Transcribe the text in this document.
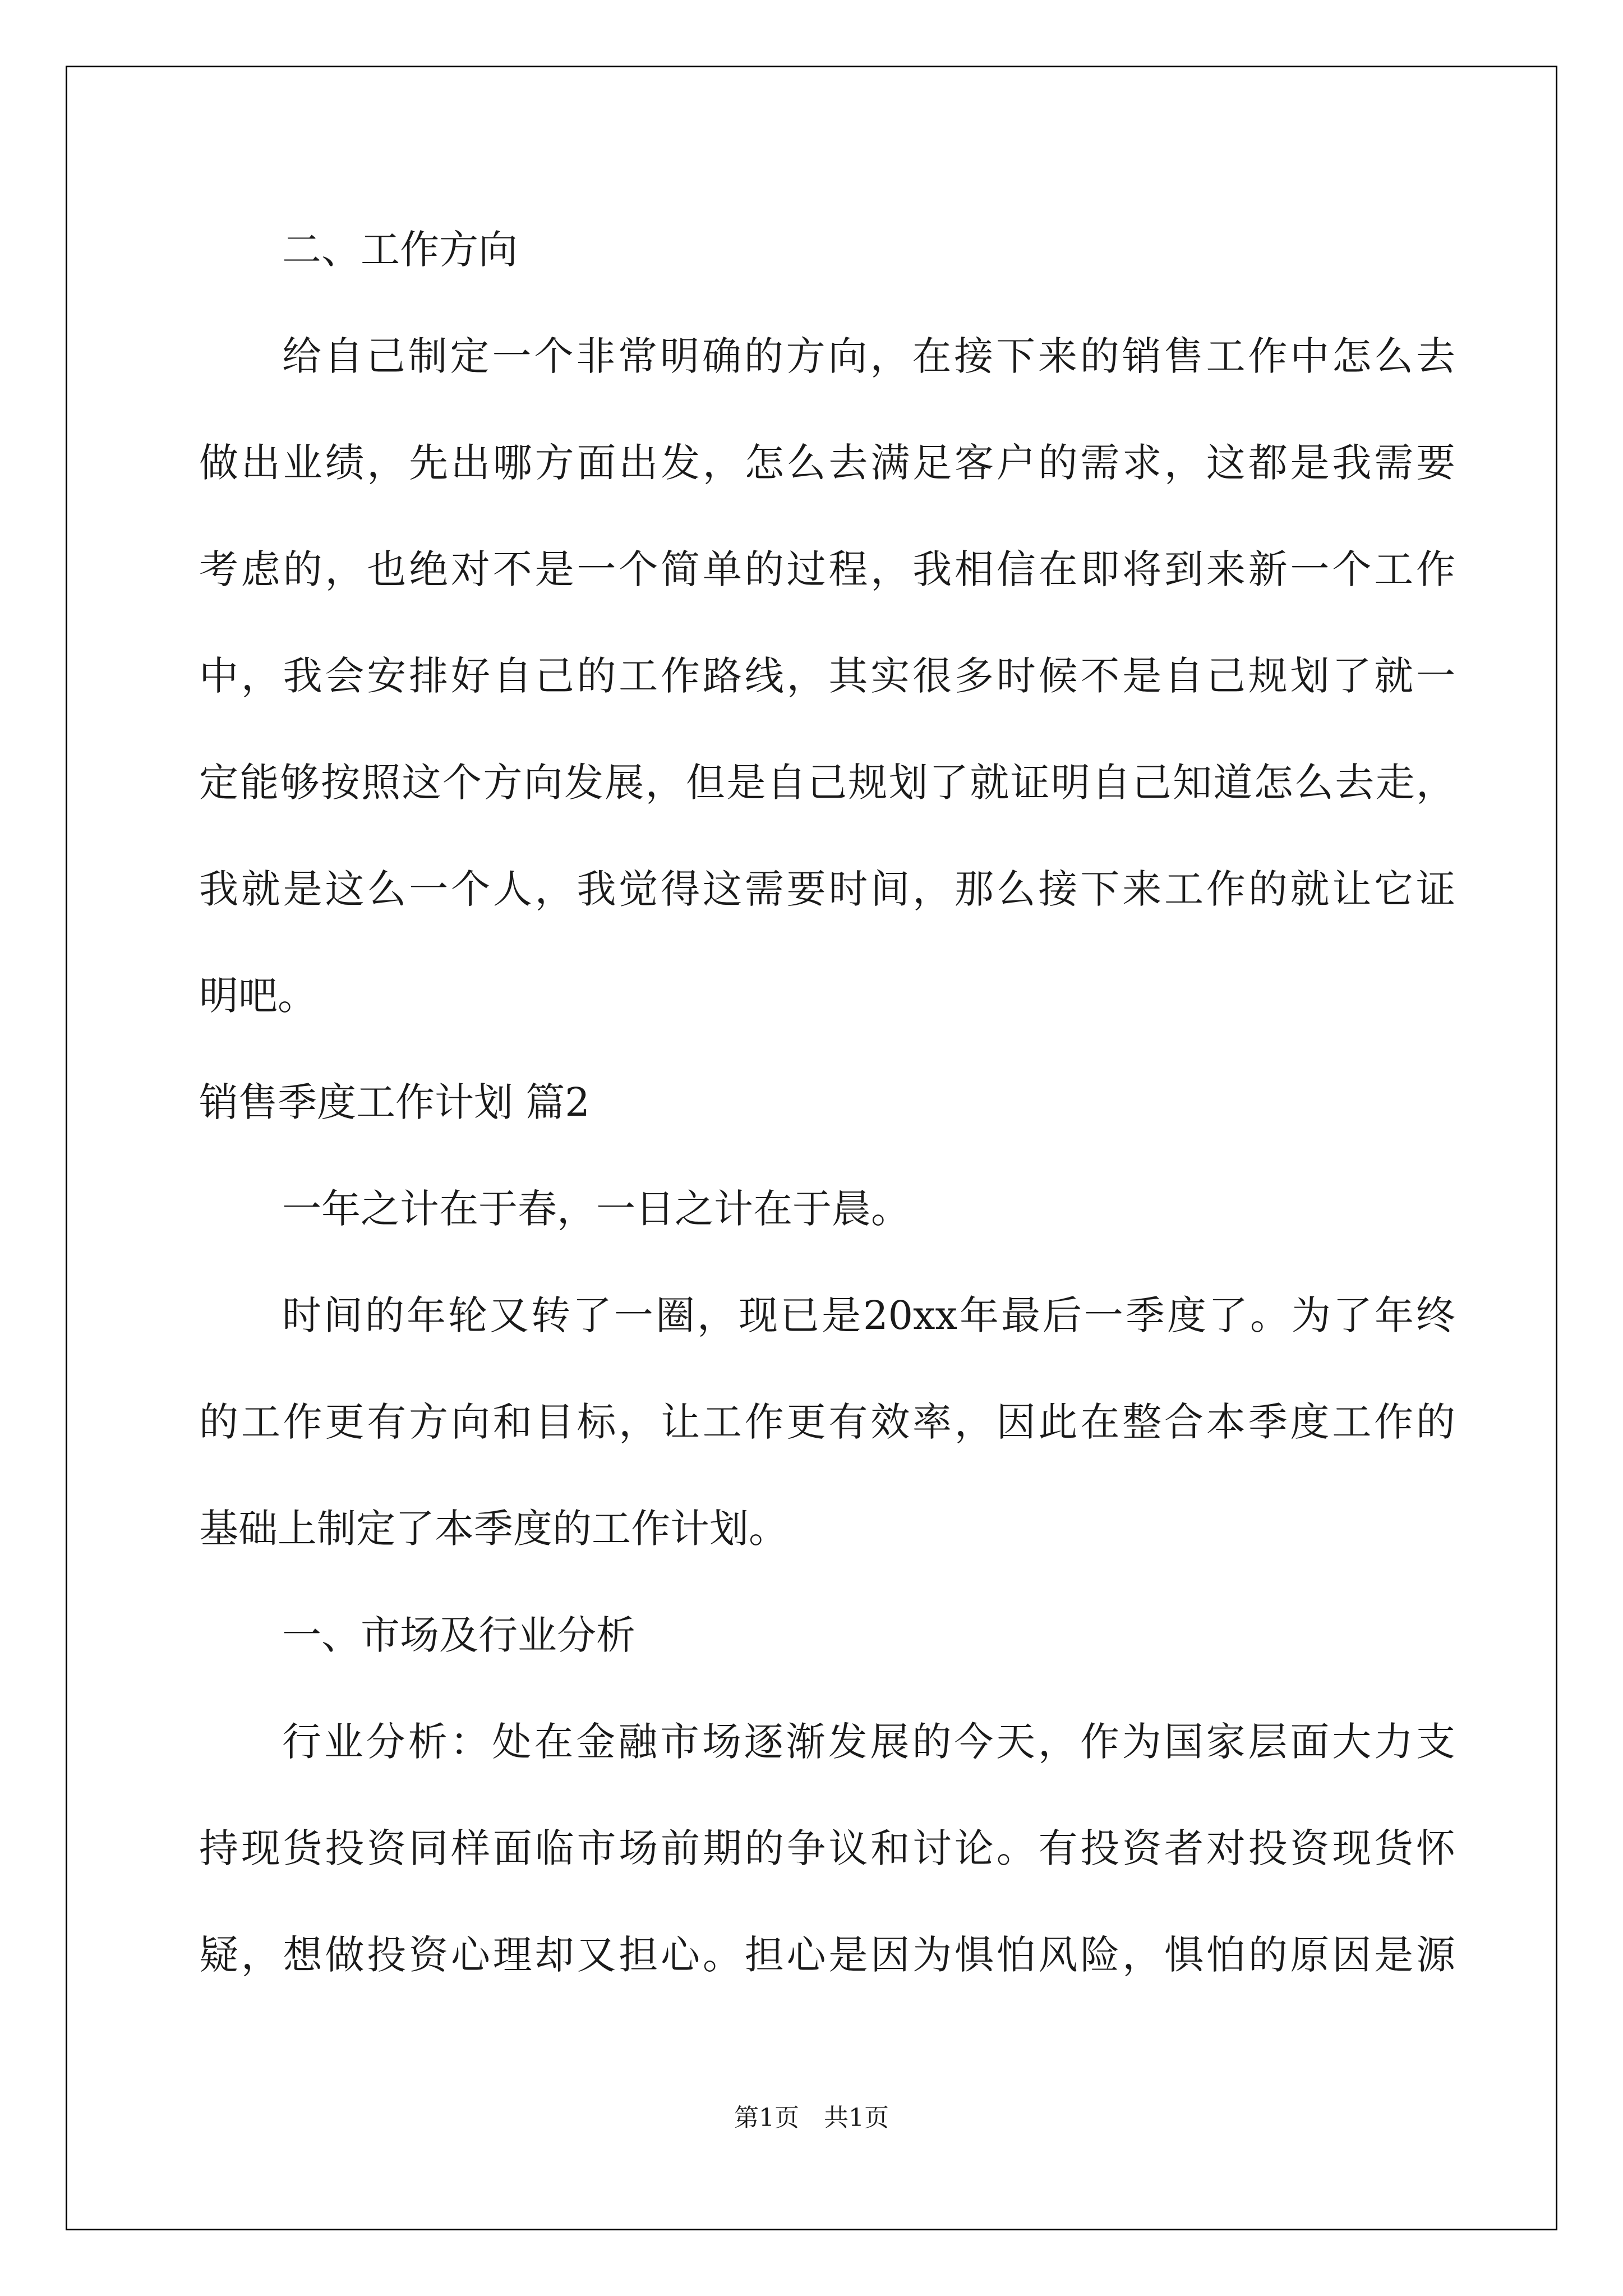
二、工作方向
给自己制定一个非常明确的方向，在接下来的销售工作中怎么去
做出业绩，先出哪方面出发，怎么去满足客户的需求，这都是我需要
考虑的，也绝对不是一个简单的过程，我相信在即将到来新一个工作
中，我会安排好自己的工作路线，其实很多时候不是自己规划了就一
定能够按照这个方向发展，但是自己规划了就证明自己知道怎么去走，
我就是这么一个人，我觉得这需要时间，那么接下来工作的就让它证
明吧。
销售季度工作计划 篇2
一年之计在于春，一日之计在于晨。
时间的年轮又转了一圈，现已是20xx年最后一季度了。为了年终
的工作更有方向和目标，让工作更有效率，因此在整合本季度工作的
基础上制定了本季度的工作计划。
一、市场及行业分析
行业分析：处在金融市场逐渐发展的今天，作为国家层面大力支
持现货投资同样面临市场前期的争议和讨论。有投资者对投资现货怀
疑，想做投资心理却又担心。担心是因为惧怕风险，惧怕的原因是源
第1页　共1页
